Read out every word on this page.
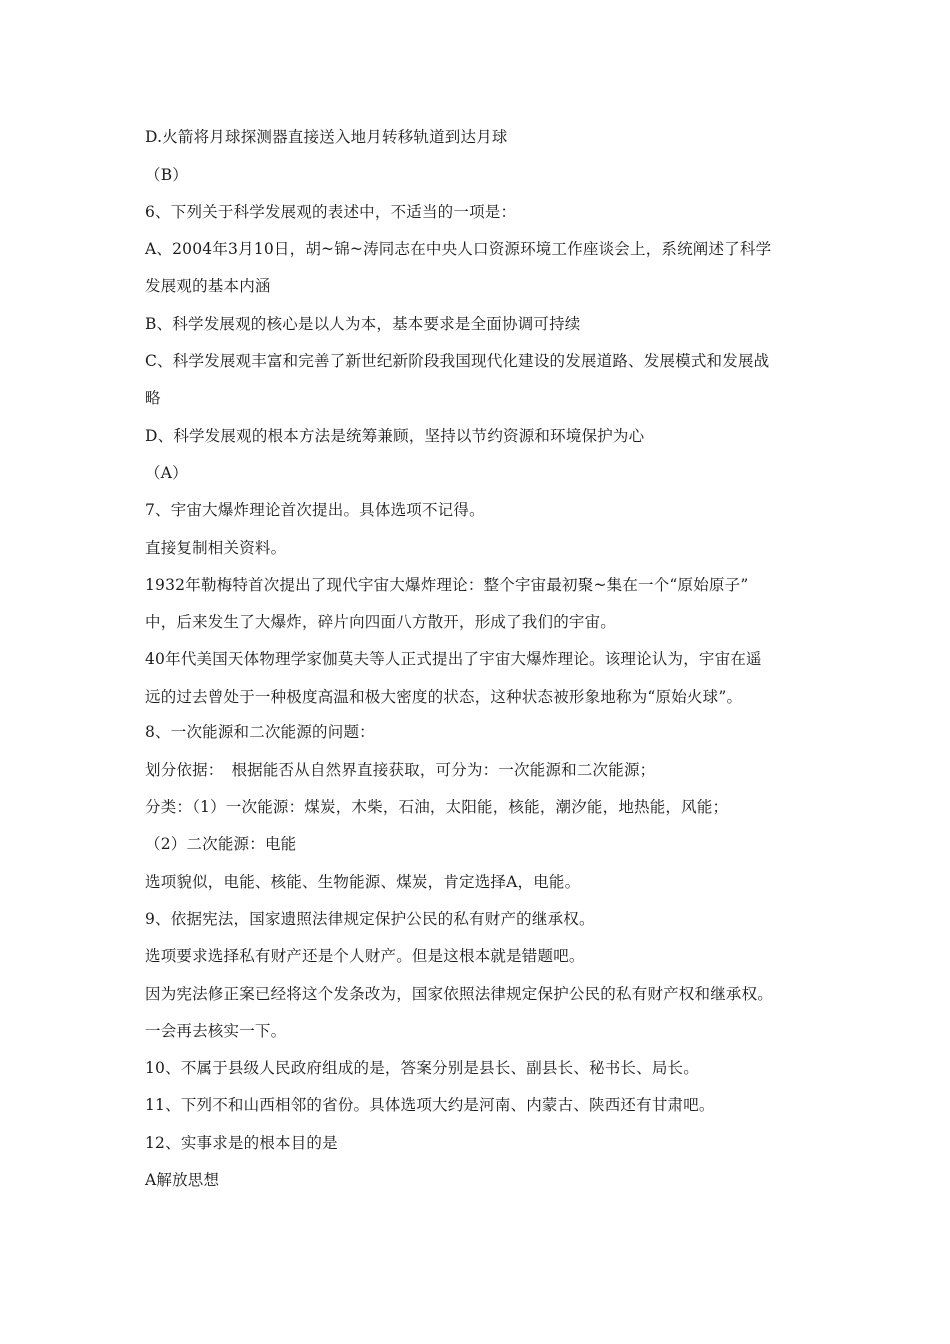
D.火箭将月球探测器直接送入地月转移轨道到达月球
（B）
6、下列关于科学发展观的表述中，不适当的一项是：
A、2004年3月10日，胡~锦~涛同志在中央人口资源环境工作座谈会上，系统阐述了科学
发展观的基本内涵
B、科学发展观的核心是以人为本，基本要求是全面协调可持续
C、科学发展观丰富和完善了新世纪新阶段我国现代化建设的发展道路、发展模式和发展战
略
D、科学发展观的根本方法是统筹兼顾，坚持以节约资源和环境保护为心
（A）
7、宇宙大爆炸理论首次提出。具体选项不记得。
直接复制相关资料。
1932年勒梅特首次提出了现代宇宙大爆炸理论：整个宇宙最初聚~集在一个“原始原子”
中，后来发生了大爆炸，碎片向四面八方散开，形成了我们的宇宙。
40年代美国天体物理学家伽莫夫等人正式提出了宇宙大爆炸理论。该理论认为，宇宙在遥
远的过去曾处于一种极度高温和极大密度的状态，这种状态被形象地称为“原始火球”。
8、一次能源和二次能源的问题：
划分依据：　根据能否从自然界直接获取，可分为：一次能源和二次能源；
分类：（1）一次能源：煤炭，木柴，石油，太阳能，核能，潮汐能，地热能，风能；
（2）二次能源：电能
选项貌似，电能、核能、生物能源、煤炭，肯定选择A，电能。
9、依据宪法，国家遗照法律规定保护公民的私有财产的继承权。
选项要求选择私有财产还是个人财产。但是这根本就是错题吧。
因为宪法修正案已经将这个发条改为，国家依照法律规定保护公民的私有财产权和继承权。
一会再去核实一下。
10、不属于县级人民政府组成的是，答案分别是县长、副县长、秘书长、局长。
11、下列不和山西相邻的省份。具体选项大约是河南、内蒙古、陕西还有甘肃吧。
12、实事求是的根本目的是
A解放思想
